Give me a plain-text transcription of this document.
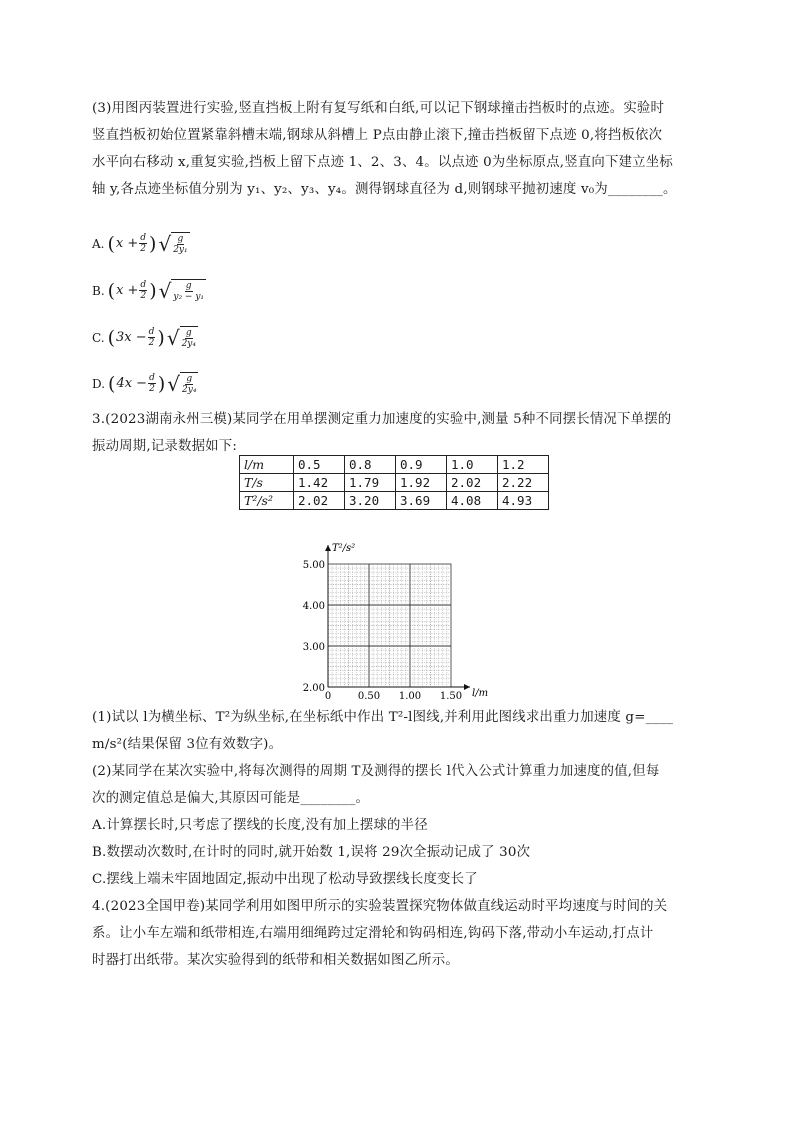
(3)用图丙装置进行实验,竖直挡板上附有复写纸和白纸,可以记下钢球撞击挡板时的点迹。实验时
竖直挡板初始位置紧靠斜槽末端,钢球从斜槽上 P点由静止滚下,撞击挡板留下点迹 0,将挡板依次
水平向右移动 x,重复实验,挡板上留下点迹 1、2、3、4。以点迹 0为坐标原点,竖直向下建立坐标
轴 y,各点迹坐标值分别为 y₁、y₂、y₃、y₄。测得钢球直径为 d,则钢球平抛初速度 v₀为________。
A. ( $x + \frac{d}{2}$ ) √ g
2y₁
B. ( $x + \frac{d}{2}$ ) √ g
y₂ − y₁
C. ( $3x - \frac{d}{2}$ ) √ g
2y₄
D. ( $4x - \frac{d}{2}$ ) √ g
2y₄
3.(2023湖南永州三模)某同学在用单摆测定重力加速度的实验中,测量 5种不同摆长情况下单摆的
振动周期,记录数据如下:
l/m	0.5	0.8	0.9	1.0	1.2
T/s	1.42	1.79	1.92	2.02	2.22
T²/s²	2.02	3.20	3.69	4.08	4.93
T²/s²
l/m
0	0.50 1.00 1.50
2.00
3.00
4.00
5.00
(1)试以 l为横坐标、T²为纵坐标,在坐标纸中作出 T²-l图线,并利用此图线求出重力加速度 g=____
m/s²(结果保留 3位有效数字)。
(2)某同学在某次实验中,将每次测得的周期 T及测得的摆长 l代入公式计算重力加速度的值,但每
次的测定值总是偏大,其原因可能是________。
A.计算摆长时,只考虑了摆线的长度,没有加上摆球的半径
B.数摆动次数时,在计时的同时,就开始数 1,误将 29次全振动记成了 30次
C.摆线上端未牢固地固定,振动中出现了松动导致摆线长度变长了
4.(2023全国甲卷)某同学利用如图甲所示的实验装置探究物体做直线运动时平均速度与时间的关
系。让小车左端和纸带相连,右端用细绳跨过定滑轮和钩码相连,钩码下落,带动小车运动,打点计
时器打出纸带。某次实验得到的纸带和相关数据如图乙所示。
